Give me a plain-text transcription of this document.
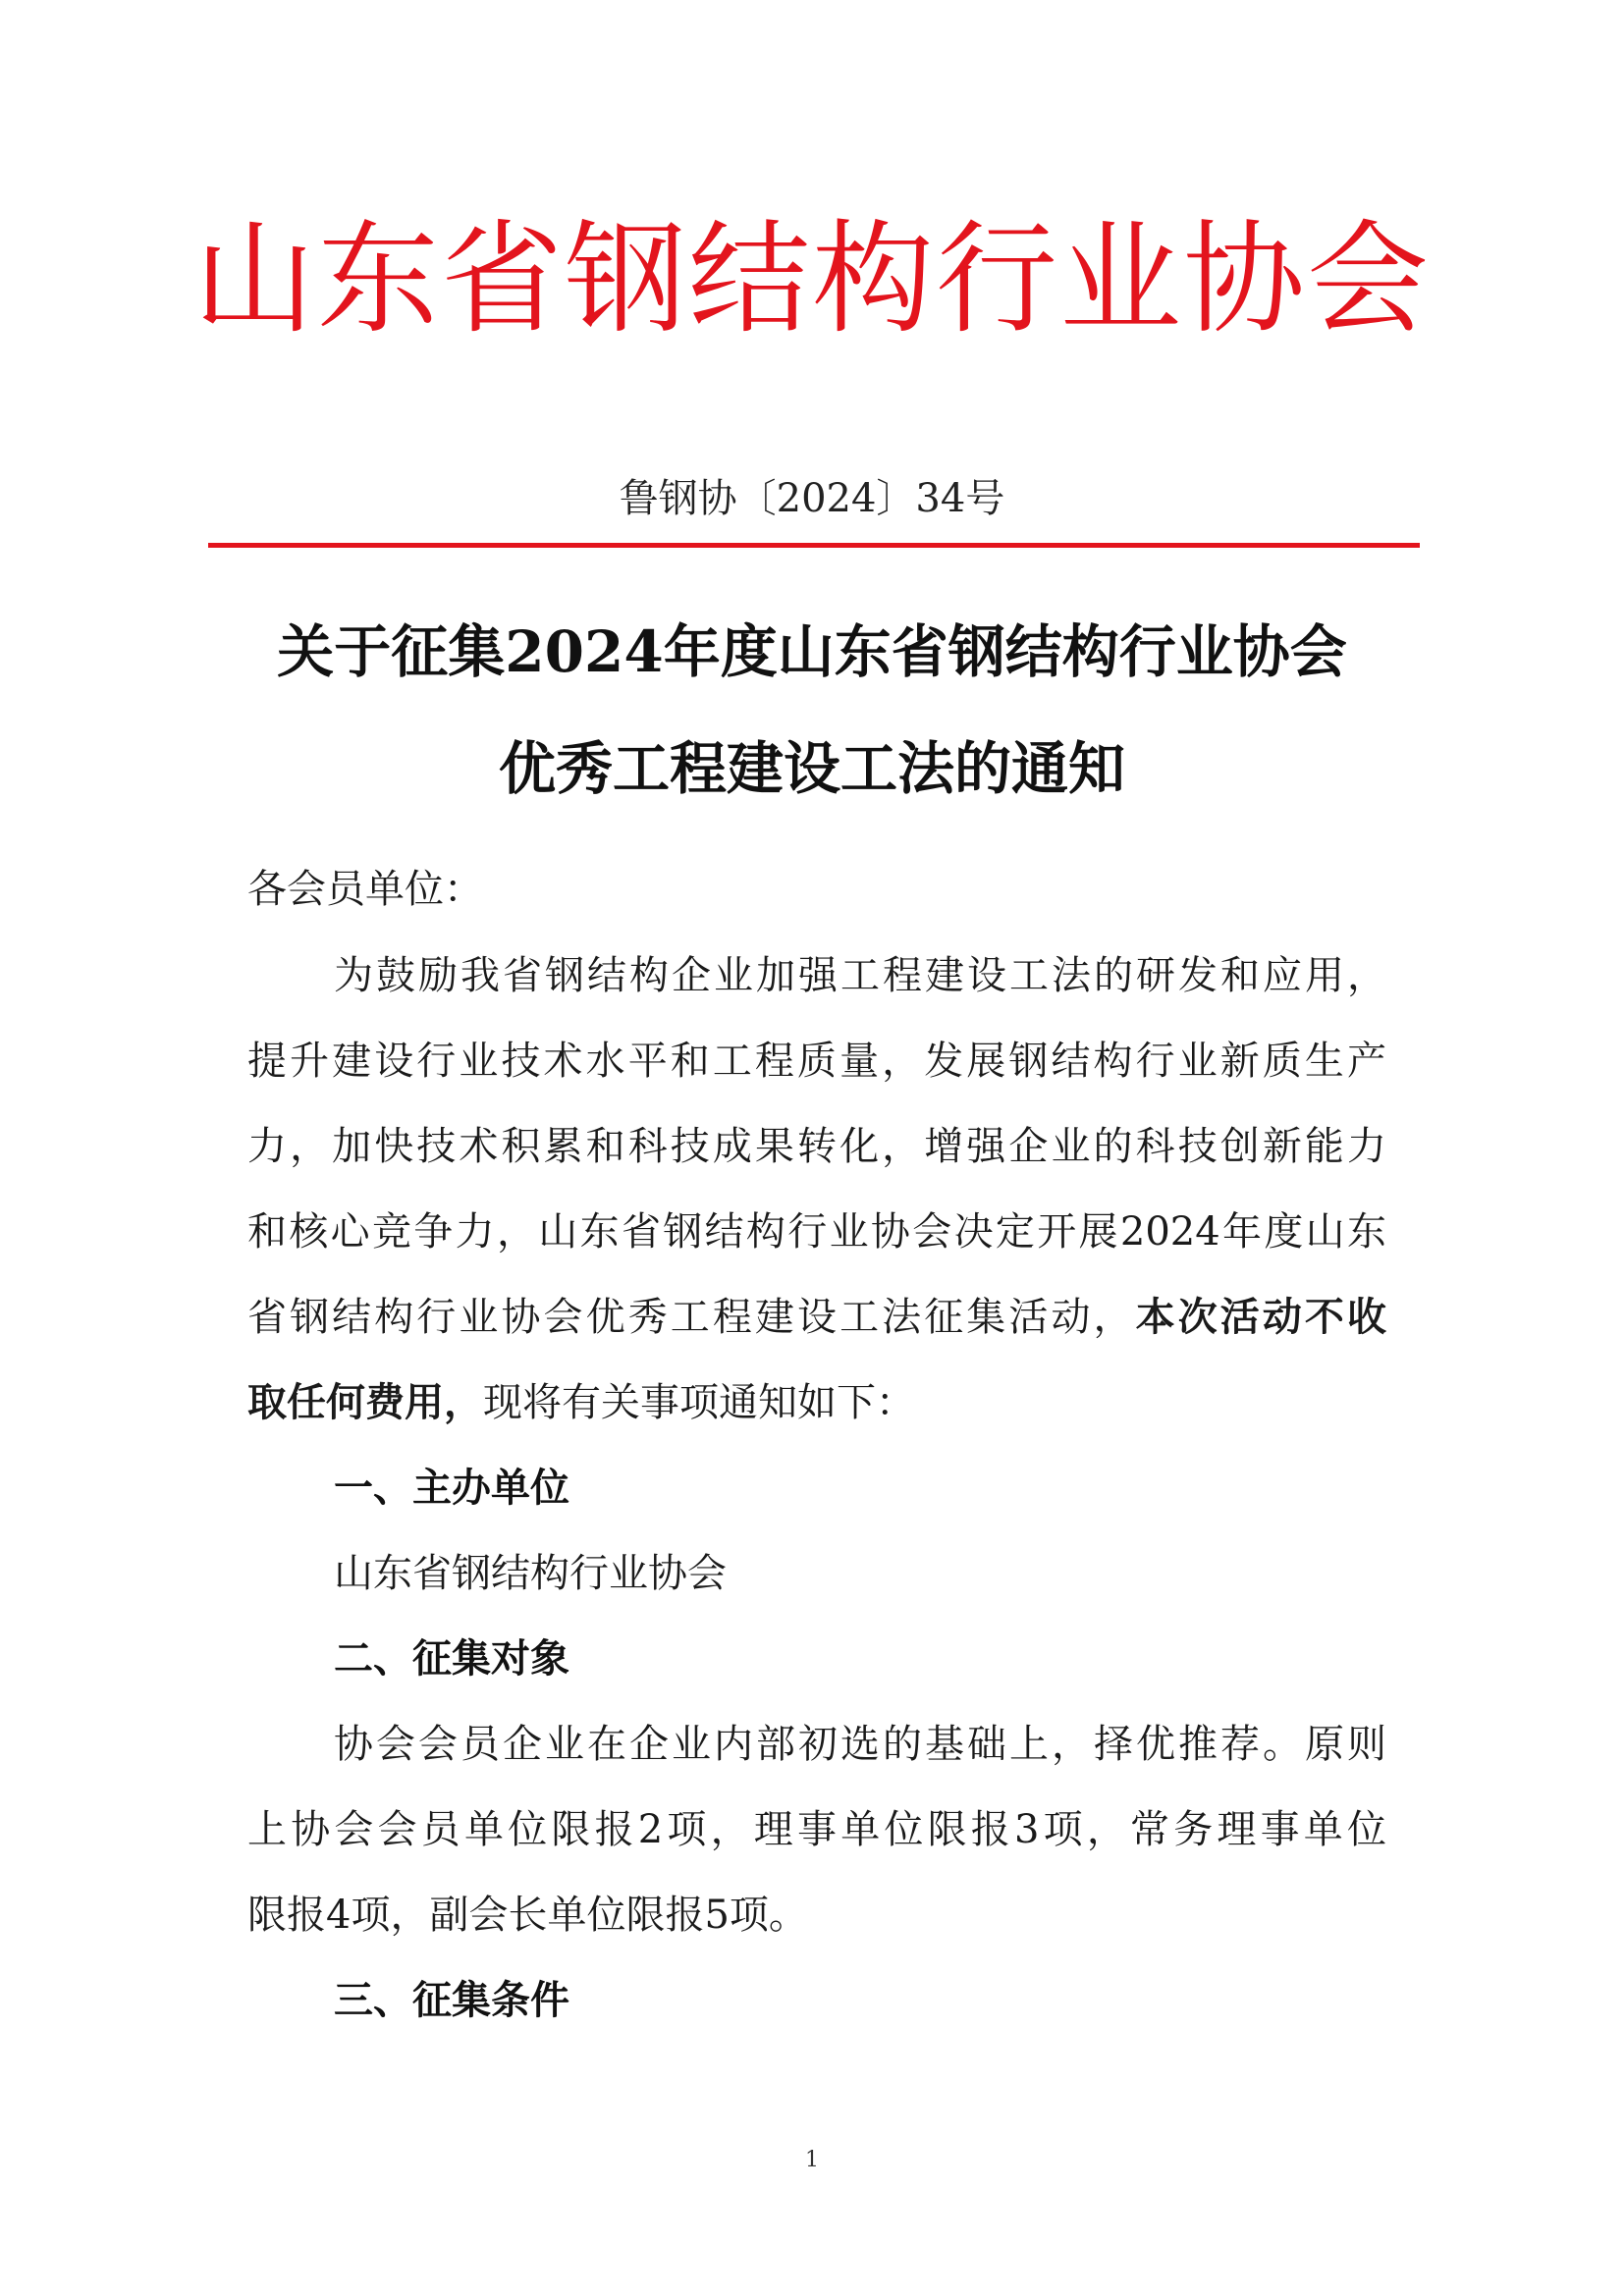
山东省钢结构行业协会
鲁钢协〔2024〕34号
关于征集2024年度山东省钢结构行业协会
优秀工程建设工法的通知
各会员单位：
为鼓励我省钢结构企业加强工程建设工法的研发和应用，
提升建设行业技术水平和工程质量，发展钢结构行业新质生产
力，加快技术积累和科技成果转化，增强企业的科技创新能力
和核心竞争力，山东省钢结构行业协会决定开展2024年度山东
省钢结构行业协会优秀工程建设工法征集活动，本次活动不收
取任何费用，现将有关事项通知如下：
一、主办单位
山东省钢结构行业协会
二、征集对象
协会会员企业在企业内部初选的基础上，择优推荐。原则
上协会会员单位限报2项，理事单位限报3项，常务理事单位
限报4项，副会长单位限报5项。
三、征集条件
1
